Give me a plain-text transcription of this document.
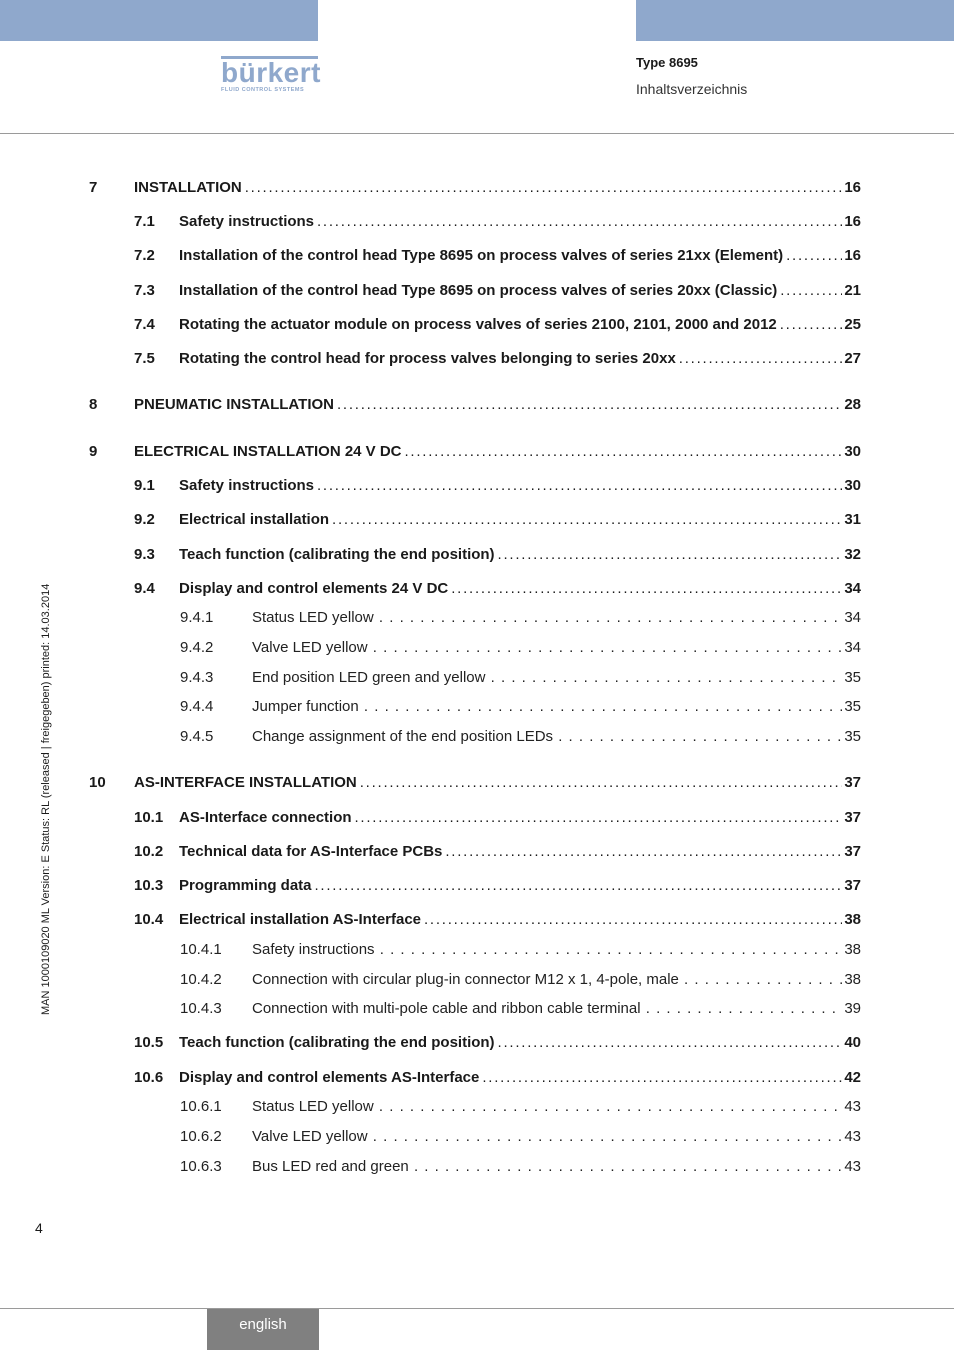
bürkert
FLUID CONTROL SYSTEMS
Type 8695
Inhaltsverzeichnis
MAN 1000109020 ML Version: E Status: RL (released | freigegeben) printed: 14.03.2014
7 INSTALLATION . . .	16
7.1 Safety instructions . . .	16
7.2 Installation of the control head Type 8695 on process valves of series 21xx (Element) . . .	16
7.3 Installation of the control head Type 8695 on process valves of series 20xx (Classic) . . .	21
7.4 Rotating the actuator module on process valves of series 2100, 2101, 2000 and 2012 . . .	25
7.5 Rotating the control head for process valves belonging to series 20xx . . .	27
8 PNEUMATIC INSTALLATION . . .	28
9 ELECTRICAL INSTALLATION 24 V DC . . .	30
9.1 Safety instructions . . .	30
9.2 Electrical installation . . .	31
9.3 Teach function (calibrating the end position) . . .	32
9.4 Display and control elements 24 V DC . . .	34
9.4.1	Status LED yellow . . .	34
9.4.2	Valve LED yellow . . .	34
9.4.3	End position LED green and yellow . . .	35
9.4.4	Jumper function . . .	35
9.4.5	Change assignment of the end position LEDs . . .	35
10 AS-INTERFACE INSTALLATION . . .	37
10.1 AS-Interface connection . . .	37
10.2 Technical data for AS-Interface PCBs . . .	37
10.3 Programming data . . .	37
10.4 Electrical installation AS-Interface . . .	38
10.4.1 Safety instructions . . .	38
10.4.2 Connection with circular plug-in connector M12 x 1, 4-pole, male . . .	38
10.4.3 Connection with multi-pole cable and ribbon cable terminal . . .	39
10.5 Teach function (calibrating the end position) . . .	40
10.6 Display and control elements AS-Interface . . .	42
10.6.1 Status LED yellow . . .	43
10.6.2 Valve LED yellow . . .	43
10.6.3 Bus LED red and green . . .	43
4
english
